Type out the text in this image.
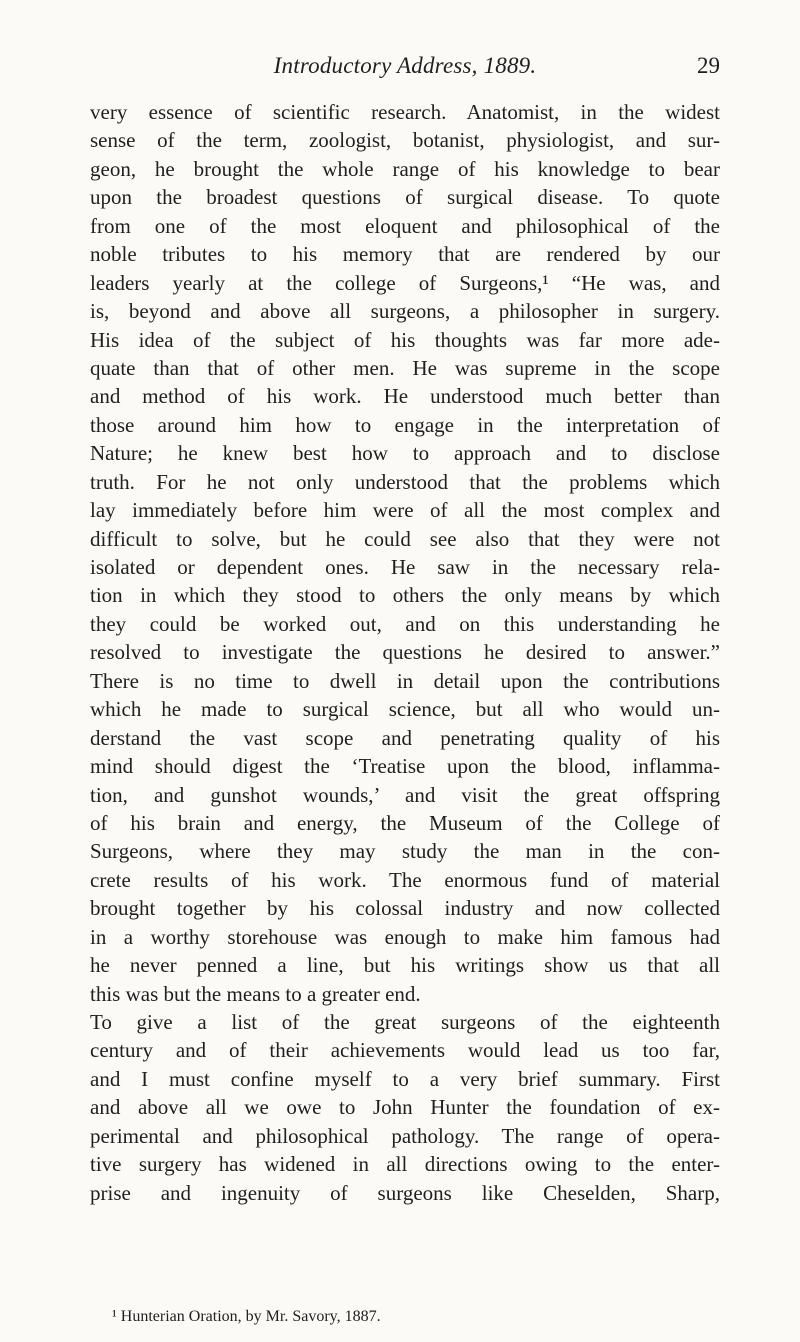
Introductory Address, 1889.	29
very essence of scientific research. Anatomist, in the widest
sense of the term, zoologist, botanist, physiologist, and sur-
geon, he brought the whole range of his knowledge to bear
upon the broadest questions of surgical disease. To quote
from one of the most eloquent and philosophical of the
noble tributes to his memory that are rendered by our
leaders yearly at the college of Surgeons,¹ “He was, and
is, beyond and above all surgeons, a philosopher in surgery.
His idea of the subject of his thoughts was far more ade-
quate than that of other men. He was supreme in the scope
and method of his work. He understood much better than
those around him how to engage in the interpretation of
Nature; he knew best how to approach and to disclose
truth. For he not only understood that the problems which
lay immediately before him were of all the most complex and
difficult to solve, but he could see also that they were not
isolated or dependent ones. He saw in the necessary rela-
tion in which they stood to others the only means by which
they could be worked out, and on this understanding he
resolved to investigate the questions he desired to answer.”
There is no time to dwell in detail upon the contributions
which he made to surgical science, but all who would un-
derstand the vast scope and penetrating quality of his
mind should digest the ‘Treatise upon the blood, inflamma-
tion, and gunshot wounds,’ and visit the great offspring
of his brain and energy, the Museum of the College of
Surgeons, where they may study the man in the con-
crete results of his work. The enormous fund of material
brought together by his colossal industry and now collected
in a worthy storehouse was enough to make him famous had
he never penned a line, but his writings show us that all
this was but the means to a greater end.
To give a list of the great surgeons of the eighteenth
century and of their achievements would lead us too far,
and I must confine myself to a very brief summary. First
and above all we owe to John Hunter the foundation of ex-
perimental and philosophical pathology. The range of opera-
tive surgery has widened in all directions owing to the enter-
prise and ingenuity of surgeons like Cheselden, Sharp,
¹ Hunterian Oration, by Mr. Savory, 1887.
